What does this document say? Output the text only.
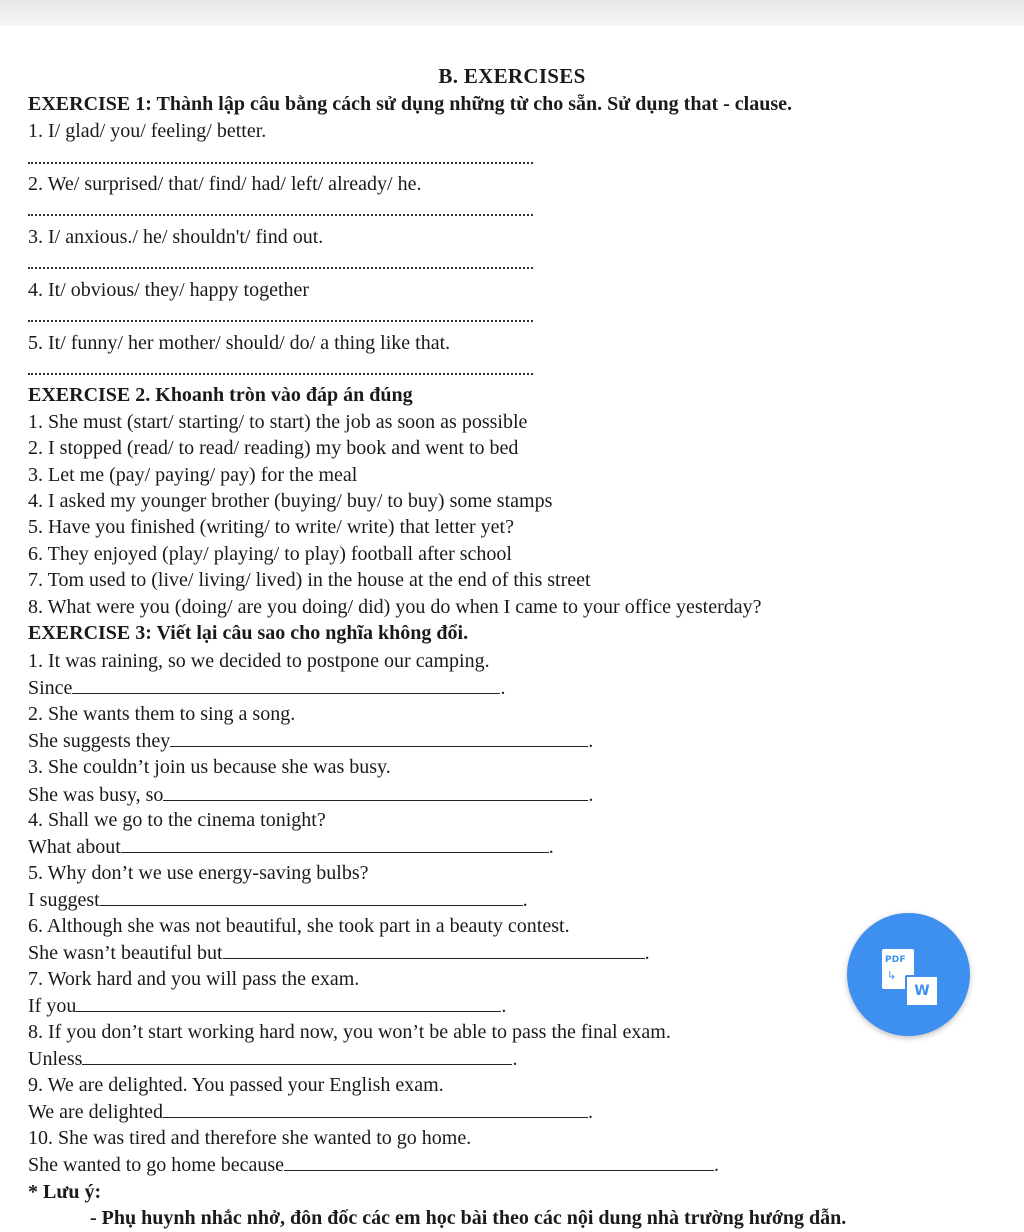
B. EXERCISES
EXERCISE 1: Thành lập câu bằng cách sử dụng những từ cho sẵn. Sử dụng that - clause.
1. I/ glad/ you/ feeling/ better.
2. We/ surprised/ that/ find/ had/ left/ already/ he.
3. I/ anxious./ he/ shouldn't/ find out.
4. It/ obvious/ they/ happy together
5. It/ funny/ her mother/ should/ do/ a thing like that.
EXERCISE 2. Khoanh tròn vào đáp án đúng
1. She must (start/ starting/ to start) the job as soon as possible
2. I stopped (read/ to read/ reading) my book and went to bed
3. Let me (pay/ paying/ pay) for the meal
4. I asked my younger brother (buying/ buy/ to buy) some stamps
5. Have you finished (writing/ to write/ write) that letter yet?
6. They enjoyed (play/ playing/ to play) football after school
7. Tom used to (live/ living/ lived) in the house at the end of this street
8. What were you (doing/ are you doing/ did) you do when I came to your office yesterday?
EXERCISE 3: Viết lại câu sao cho nghĩa không đổi.
1. It was raining, so we decided to postpone our camping.
Since	.
2. She wants them to sing a song.
She suggests they	.
3. She couldn’t join us because she was busy.
She was busy, so	.
4. Shall we go to the cinema tonight?
What about	.
5. Why don’t we use energy-saving bulbs?
I suggest	.
6. Although she was not beautiful, she took part in a beauty contest.
She wasn’t beautiful but	.
7. Work hard and you will pass the exam.
If you	.
8. If you don’t start working hard now, you won’t be able to pass the final exam.
Unless	.
9. We are delighted. You passed your English exam.
We are delighted	.
10. She was tired and therefore she wanted to go home.
She wanted to go home because	.
* Lưu ý:
- Phụ huynh nhắc nhở, đôn đốc các em học bài theo các nội dung nhà trường hướng dẫn.
PDF
↳
W
